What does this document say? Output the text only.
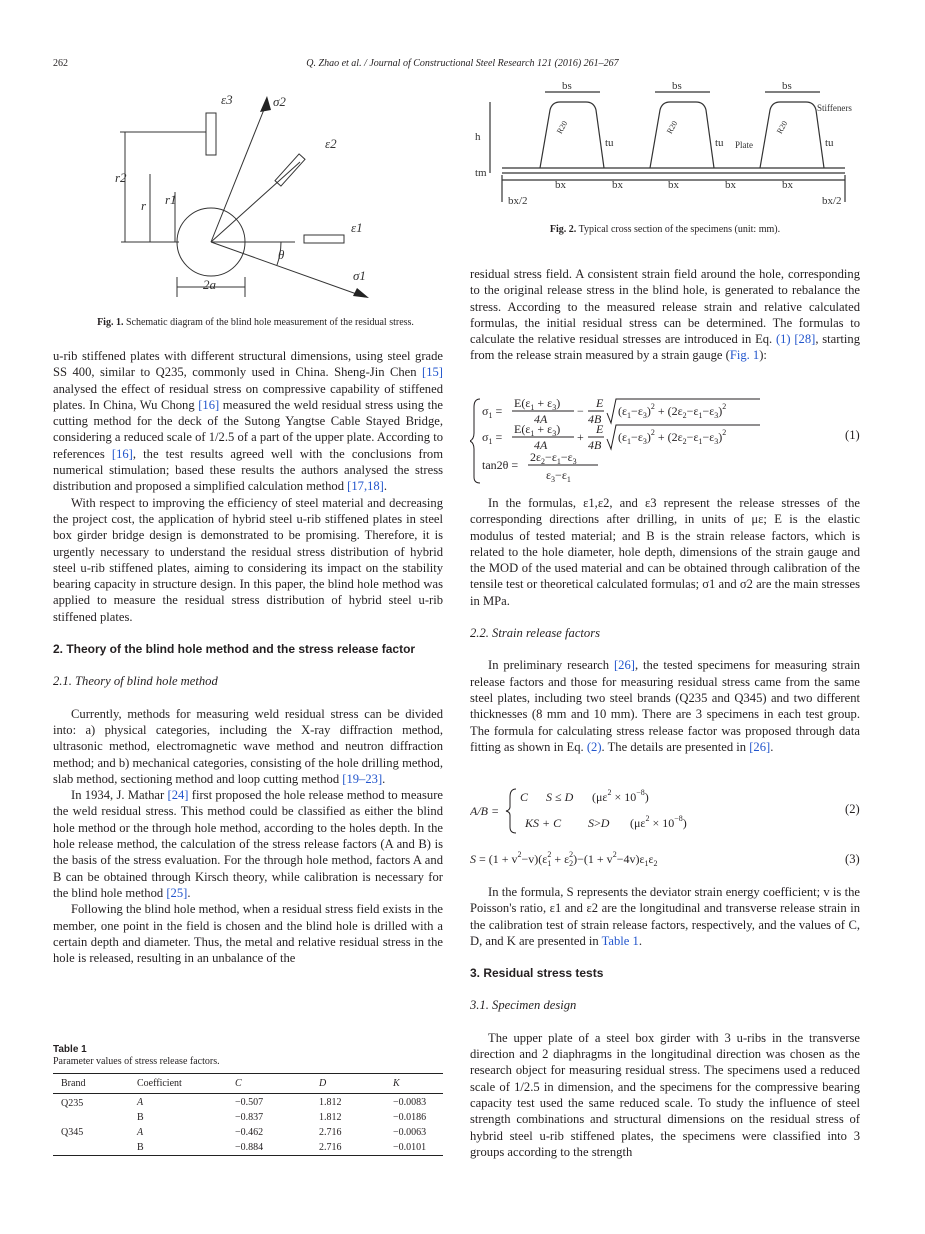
262	Q. Zhao et al. / Journal of Constructional Steel Research 121 (2016) 261–267
ε3	σ2
ε2
ε1
σ1
θ
r2
r r1
2a
Fig. 1. Schematic diagram of the blind hole measurement of the residual stress.
bs	bs	bs
tu	tu	tu
Plate
Stiffeners
h
tm
bx	bx	bx	bx	bx
bx/2	bx/2
R20	R20	R20
Fig. 2. Typical cross section of the specimens (unit: mm).

u-rib stiffened plates with different structural dimensions, using steel grade SS 400, similar to Q235, commonly used in China. Sheng-Jin Chen [15] analysed the effect of residual stress on compressive capability of stiffened plates. In China, Wu Chong [16] measured the weld residual stress using the cutting method for the deck of the Sutong Yangtse Cable Stayed Bridge, considering a reduced scale of 1/2.5 of a part of the upper plate. According to references [16], the test results agreed well with the conclusions from numerical stimulation; based these results the authors analysed the stress distribution and proposed a simplified calculation method [17,18].

With respect to improving the efficiency of steel material and decreasing the project cost, the application of hybrid steel u-rib stiffened plates in steel box girder bridge design is demonstrated to be promising. Therefore, it is urgently necessary to understand the residual stress distribution of hybrid steel u-rib stiffened plates, aiming to considering its impact on the stability bearing capacity in structure design. In this paper, the blind hole method was applied to measure the residual stress distribution of hybrid steel u-rib stiffened plates.

2. Theory of the blind hole method and the stress release factor

2.1. Theory of blind hole method

Currently, methods for measuring weld residual stress can be divided into: a) physical categories, including the X-ray diffraction method, ultrasonic method, electromagnetic wave method and neutron diffraction method; and b) mechanical categories, consisting of the hole drilling method, slab method, sectioning method and loop cutting method [19–23].

In 1934, J. Mathar [24] first proposed the hole release method to measure the weld residual stress. This method could be classified as either the blind hole method or the through hole method, according to the holes depth. In the hole release method, the calculation of the stress release factors (A and B) is the basis of the stress evaluation. For the through hole method, factors A and B can be obtained through Kirsch theory, while calibration is necessary for the blind hole method [25].

Following the blind hole method, when a residual stress field exists in the member, one point in the field is chosen and the blind hole is drilled with a certain depth and diameter. Thus, the metal and relative residual stress in the hole is released, resulting in an unbalance of the

Table 1
Parameter values of stress release factors.
Brand	Coefficient	C	D	K
Q235	A	−0.507	1.812	−0.0083
	B	−0.837	1.812	−0.0186
Q345	A	−0.462	2.716	−0.0063
	B	−0.884	2.716	−0.0101

residual stress field. A consistent strain field around the hole, corresponding to the original release stress in the blind hole, is generated to rebalance the stress. According to the measured release strain and relative calculated formulas, the initial residual stress can be determined. The formulas to calculate the relative residual stresses are introduced in Eq. (1) [28], starting from the release strain measured by a strain gauge (Fig. 1):

$\sigma_1$ =
$E(\varepsilon_1 + \varepsilon_3)$
4A
−
E
4B
$(\varepsilon_1-\varepsilon_3)^2 + (2\varepsilon_2-\varepsilon_1-\varepsilon_3)^2$
$\sigma_1$ =
$E(\varepsilon_1 + \varepsilon_3)$
4A
+
E
4B
$(\varepsilon_1-\varepsilon_3)^2 + (2\varepsilon_2-\varepsilon_1-\varepsilon_3)^2$
tan2θ =
$2\varepsilon_2-\varepsilon_1-\varepsilon_3$
$\varepsilon_3-\varepsilon_1$
(1)

In the formulas, ε1,ε2, and ε3 represent the release stresses of the corresponding directions after drilling, in units of με; E is the elastic modulus of tested material; and B is the strain release factors, which is related to the hole diameter, hole depth, dimensions of the strain gauge and the MOD of the used material and can be obtained through calibration of the tensile test or theoretical calculated formulas; σ1 and σ2 are the main stresses in MPa.

2.2. Strain release factors

In preliminary research [26], the tested specimens for measuring strain release factors and those for measuring residual stress came from the same steel plates, including two steel brands (Q235 and Q345) and two different thicknesses (8 mm and 10 mm). There are 3 specimens in each test group. The formula for calculating stress release factor was proposed through data fitting as shown in Eq. (2). The details are presented in [26].

A/B =
C S ≤ D $(\mu\varepsilon^2 \times 10^{-8})$
KS + C S>D $(\mu\varepsilon^2 \times 10^{-8})$
(2)
$S = (1 + v^2-v)(\varepsilon^2$ $1 + \varepsilon^2$ $2)-(1 + v^2-4v)\varepsilon_1\varepsilon_2$	(3)

In the formula, S represents the deviator strain energy coefficient; v is the Poisson's ratio, ε1 and ε2 are the longitudinal and transverse release strain in the calibration test of strain release factors, respectively, and the values of C, D, and K are presented in Table 1.

3. Residual stress tests

3.1. Specimen design

The upper plate of a steel box girder with 3 u-ribs in the transverse direction and 2 diaphragms in the longitudinal direction was chosen as the research object for measuring residual stress. The specimens used a reduced scale of 1/2.5 in dimension, and the specimens for the compressive bearing capacity test used the same reduced scale. To study the influence of steel strength combinations and structural dimensions on the residual stress of hybrid steel u-rib stiffened plates, the specimens were classified into 3 groups according to the strength
